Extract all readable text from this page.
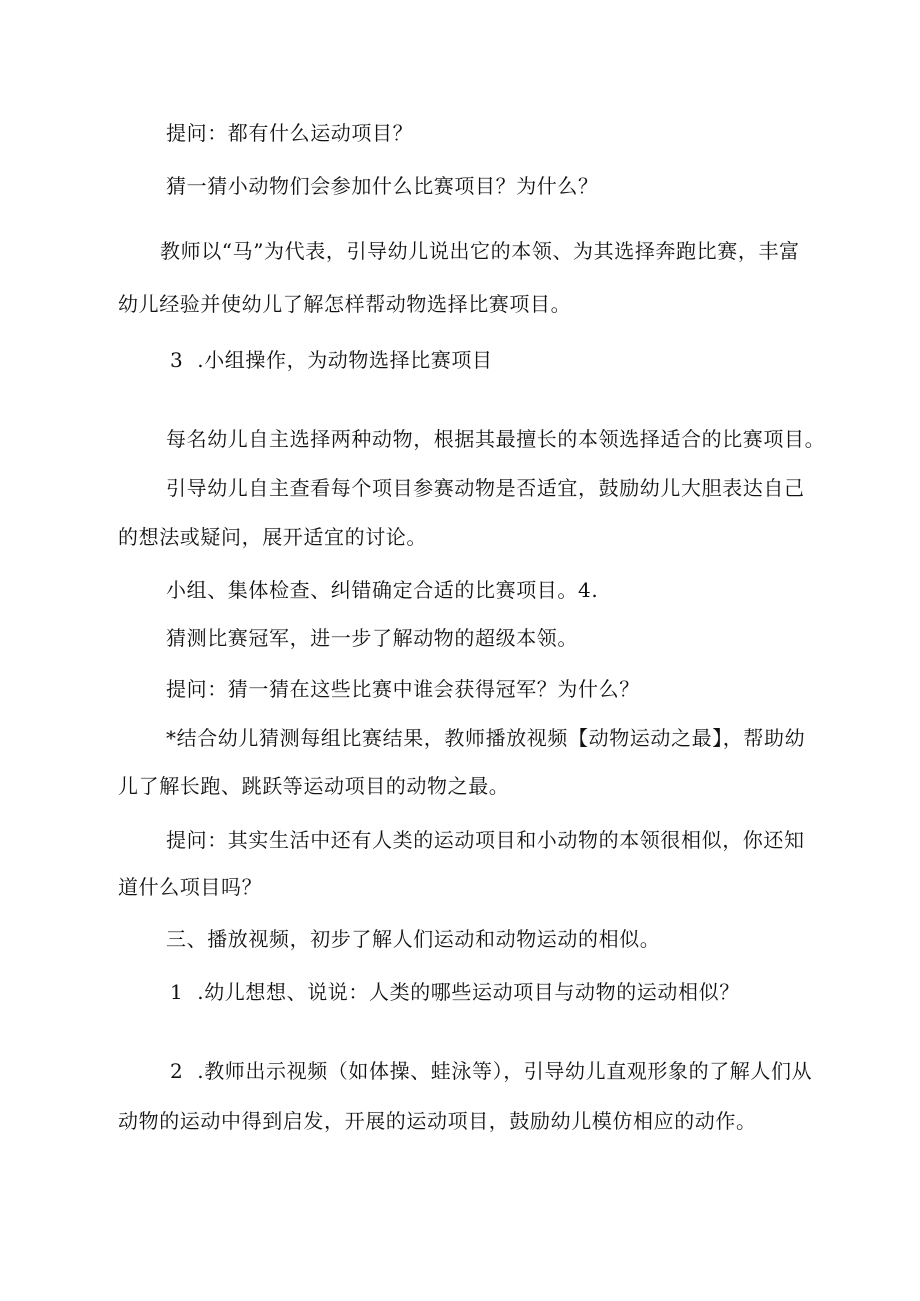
提问：都有什么运动项目？
猜一猜小动物们会参加什么比赛项目？为什么？
教师以“马”为代表，引导幼儿说出它的本领、为其选择奔跑比赛，丰富
幼儿经验并使幼儿了解怎样帮动物选择比赛项目。
3  .小组操作，为动物选择比赛项目
每名幼儿自主选择两种动物，根据其最擅长的本领选择适合的比赛项目。
引导幼儿自主查看每个项目参赛动物是否适宜，鼓励幼儿大胆表达自己
的想法或疑问，展开适宜的讨论。
小组、集体检查、纠错确定合适的比赛项目。4.
猜测比赛冠军，进一步了解动物的超级本领。
提问：猜一猜在这些比赛中谁会获得冠军？为什么？
*结合幼儿猜测每组比赛结果，教师播放视频【动物运动之最】，帮助幼
儿了解长跑、跳跃等运动项目的动物之最。
提问：其实生活中还有人类的运动项目和小动物的本领很相似，你还知
道什么项目吗？
三、播放视频，初步了解人们运动和动物运动的相似。
1  .幼儿想想、说说：人类的哪些运动项目与动物的运动相似？
2  .教师出示视频（如体操、蛙泳等），引导幼儿直观形象的了解人们从
动物的运动中得到启发，开展的运动项目，鼓励幼儿模仿相应的动作。
